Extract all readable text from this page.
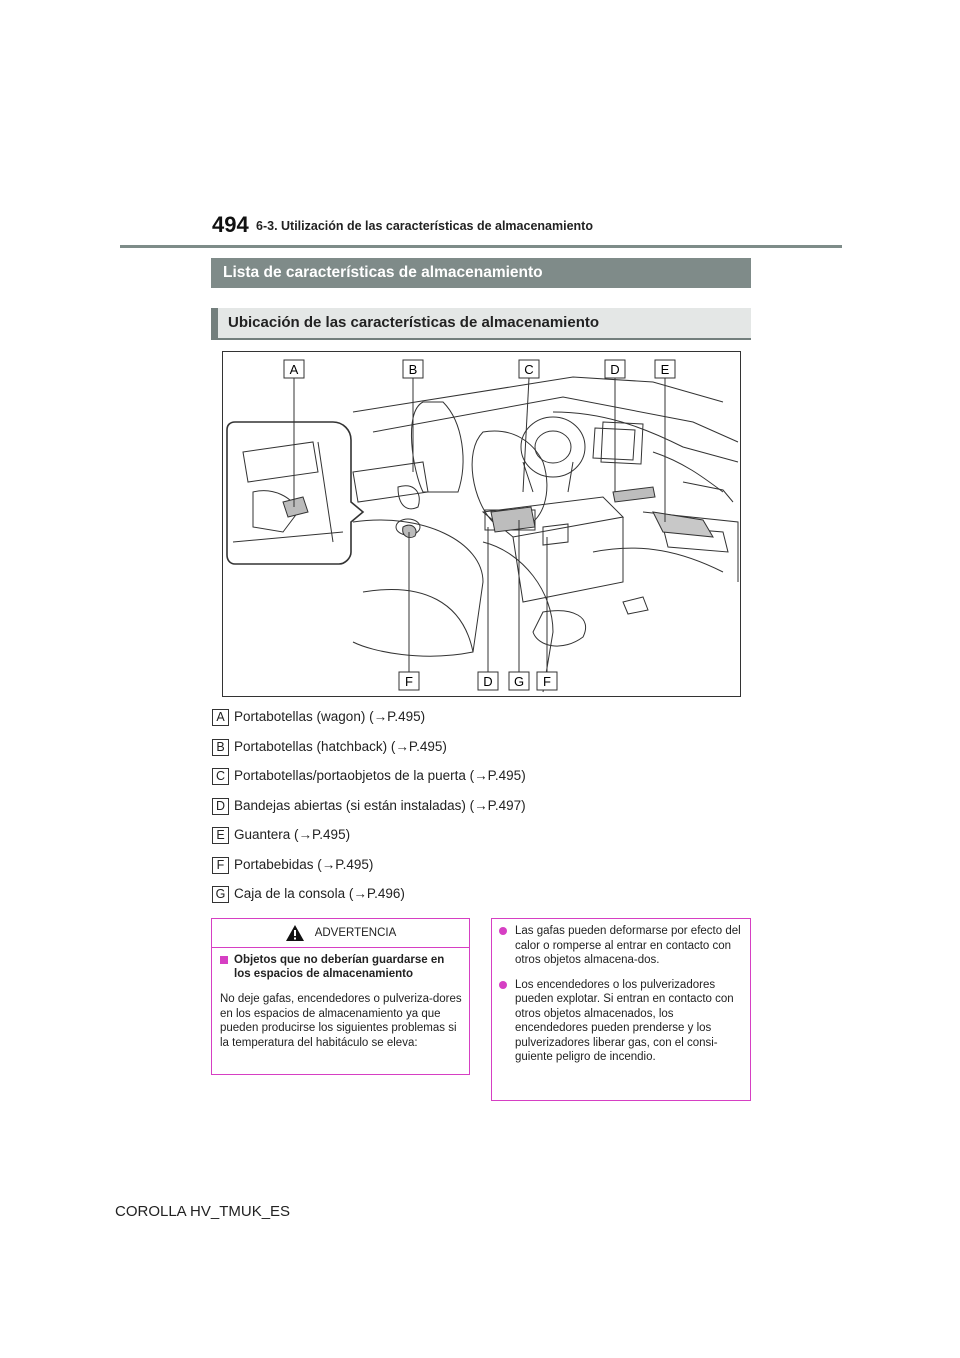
494 6-3. Utilización de las características de almacenamiento
Lista de características de almacenamiento
Ubicación de las características de almacenamiento
A	B	C	D	E
F	D G F
A Portabotellas (wagon) (→P.495)
B Portabotellas (hatchback) (→P.495)
C Portabotellas/portaobjetos de la puerta (→P.495)
D Bandejas abiertas (si están instaladas) (→P.497)
E Guantera (→P.495)
F Portabebidas (→P.495)
G Caja de la consola (→P.496)
ADVERTENCIA
Objetos que no deberían guardarse en los espacios de almacenamiento
No deje gafas, encendedores o pulveriza-dores en los espacios de almacenamiento ya que pueden producirse los siguientes problemas si la temperatura del habitáculo se eleva:
Las gafas pueden deformarse por efecto del calor o romperse al entrar en contacto con otros objetos almacena-dos.
Los encendedores o los pulverizadores pueden explotar. Si entran en contacto con otros objetos almacenados, los encendedores pueden prenderse y los pulverizadores liberar gas, con el consi-guiente peligro de incendio.
COROLLA HV_TMUK_ES
